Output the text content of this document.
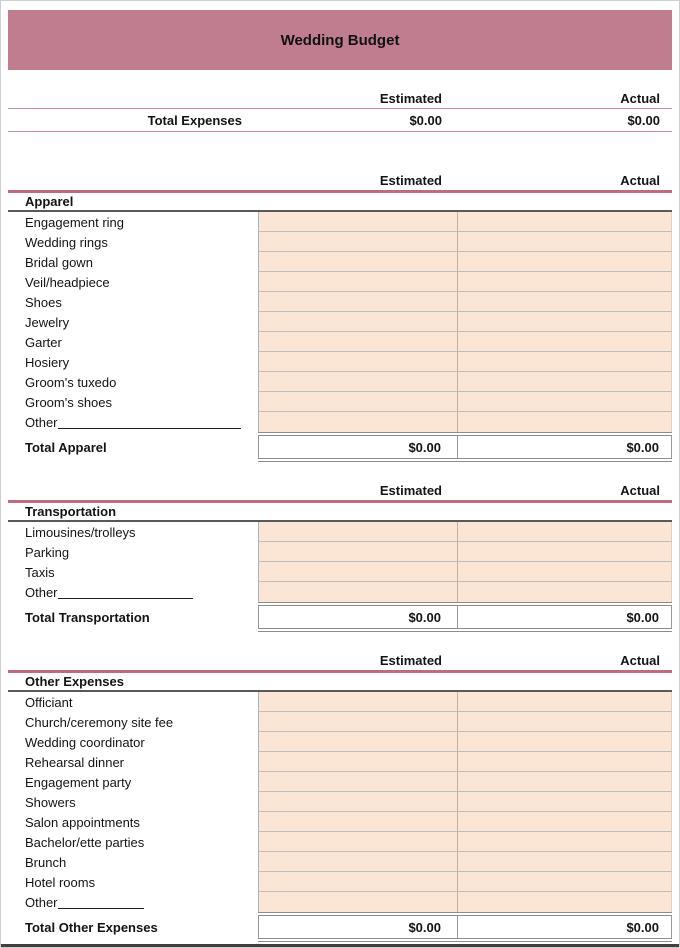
Wedding Budget
Estimated	Actual
Total Expenses	$0.00	$0.00
Estimated	Actual
Apparel
Engagement ring
Wedding rings
Bridal gown
Veil/headpiece
Shoes
Jewelry
Garter
Hosiery
Groom's tuxedo
Groom's shoes
Other
Total Apparel	$0.00	$0.00
Estimated	Actual
Transportation
Limousines/trolleys
Parking
Taxis
Other
Total Transportation	$0.00	$0.00
Estimated	Actual
Other Expenses
Officiant
Church/ceremony site fee
Wedding coordinator
Rehearsal dinner
Engagement party
Showers
Salon appointments
Bachelor/ette parties
Brunch
Hotel rooms
Other
Total Other Expenses	$0.00	$0.00
